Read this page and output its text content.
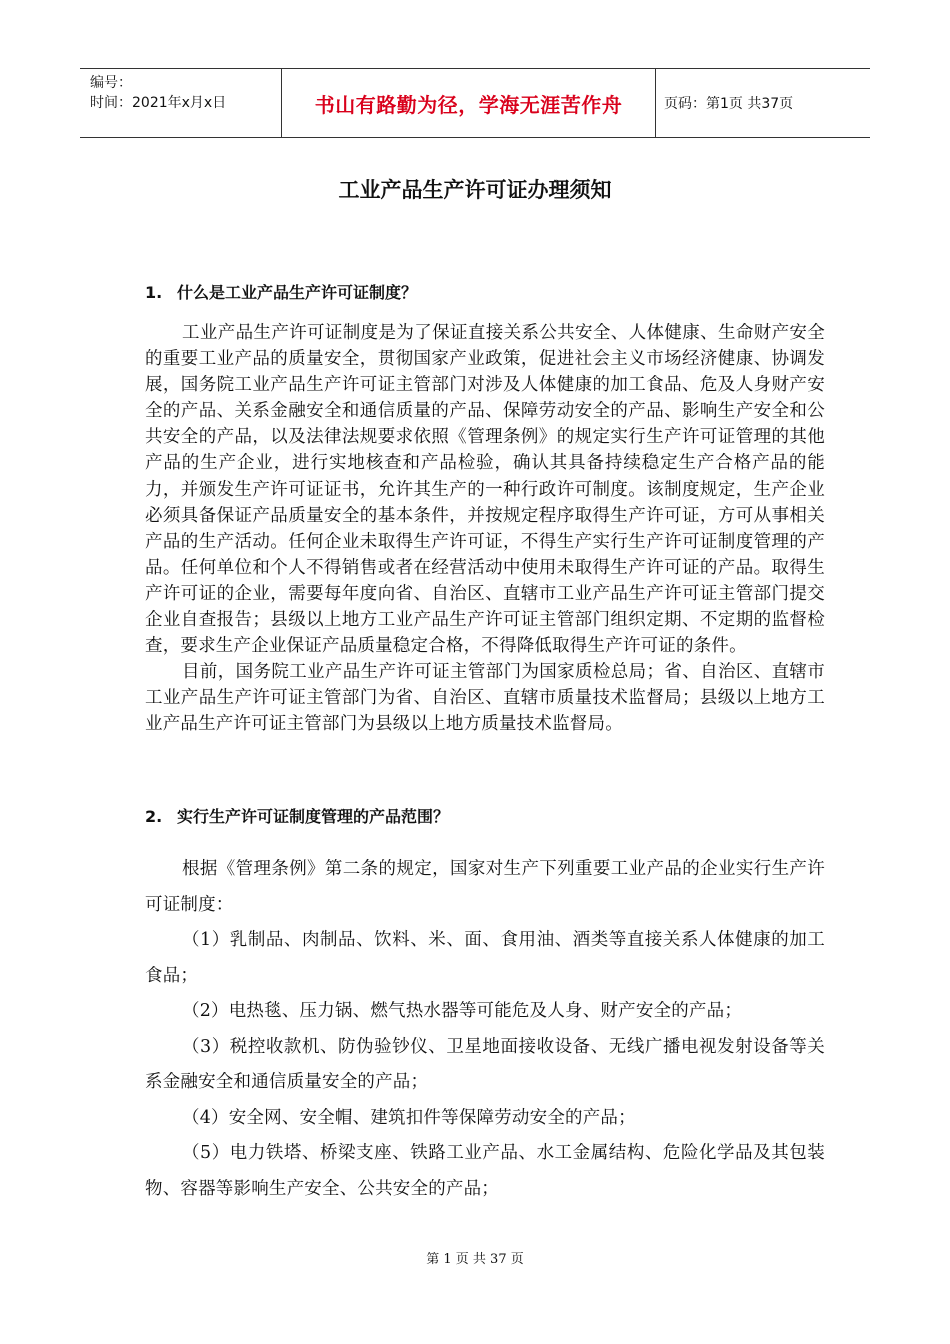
编号：
时间：2021年x月x日	书山有路勤为径，学海无涯苦作舟	页码：第1页 共37页
工业产品生产许可证办理须知
1. 什么是工业产品生产许可证制度？

工业产品生产许可证制度是为了保证直接关系公共安全、人体健康、生命财产安全的重要工业产品的质量安全，贯彻国家产业政策，促进社会主义市场经济健康、协调发展，国务院工业产品生产许可证主管部门对涉及人体健康的加工食品、危及人身财产安全的产品、关系金融安全和通信质量的产品、保障劳动安全的产品、影响生产安全和公共安全的产品，以及法律法规要求依照《管理条例》的规定实行生产许可证管理的其他产品的生产企业，进行实地核查和产品检验，确认其具备持续稳定生产合格产品的能力，并颁发生产许可证证书，允许其生产的一种行政许可制度。该制度规定，生产企业必须具备保证产品质量安全的基本条件，并按规定程序取得生产许可证，方可从事相关产品的生产活动。任何企业未取得生产许可证，不得生产实行生产许可证制度管理的产品。任何单位和个人不得销售或者在经营活动中使用未取得生产许可证的产品。取得生产许可证的企业，需要每年度向省、自治区、直辖市工业产品生产许可证主管部门提交企业自查报告；县级以上地方工业产品生产许可证主管部门组织定期、不定期的监督检查，要求生产企业保证产品质量稳定合格，不得降低取得生产许可证的条件。

目前，国务院工业产品生产许可证主管部门为国家质检总局；省、自治区、直辖市工业产品生产许可证主管部门为省、自治区、直辖市质量技术监督局；县级以上地方工业产品生产许可证主管部门为县级以上地方质量技术监督局。

2. 实行生产许可证制度管理的产品范围？

根据《管理条例》第二条的规定，国家对生产下列重要工业产品的企业实行生产许可证制度：

（1）乳制品、肉制品、饮料、米、面、食用油、酒类等直接关系人体健康的加工食品；

（2）电热毯、压力锅、燃气热水器等可能危及人身、财产安全的产品；

（3）税控收款机、防伪验钞仪、卫星地面接收设备、无线广播电视发射设备等关系金融安全和通信质量安全的产品；

（4）安全网、安全帽、建筑扣件等保障劳动安全的产品；

（5）电力铁塔、桥梁支座、铁路工业产品、水工金属结构、危险化学品及其包装物、容器等影响生产安全、公共安全的产品；

第 1 页 共 37 页
